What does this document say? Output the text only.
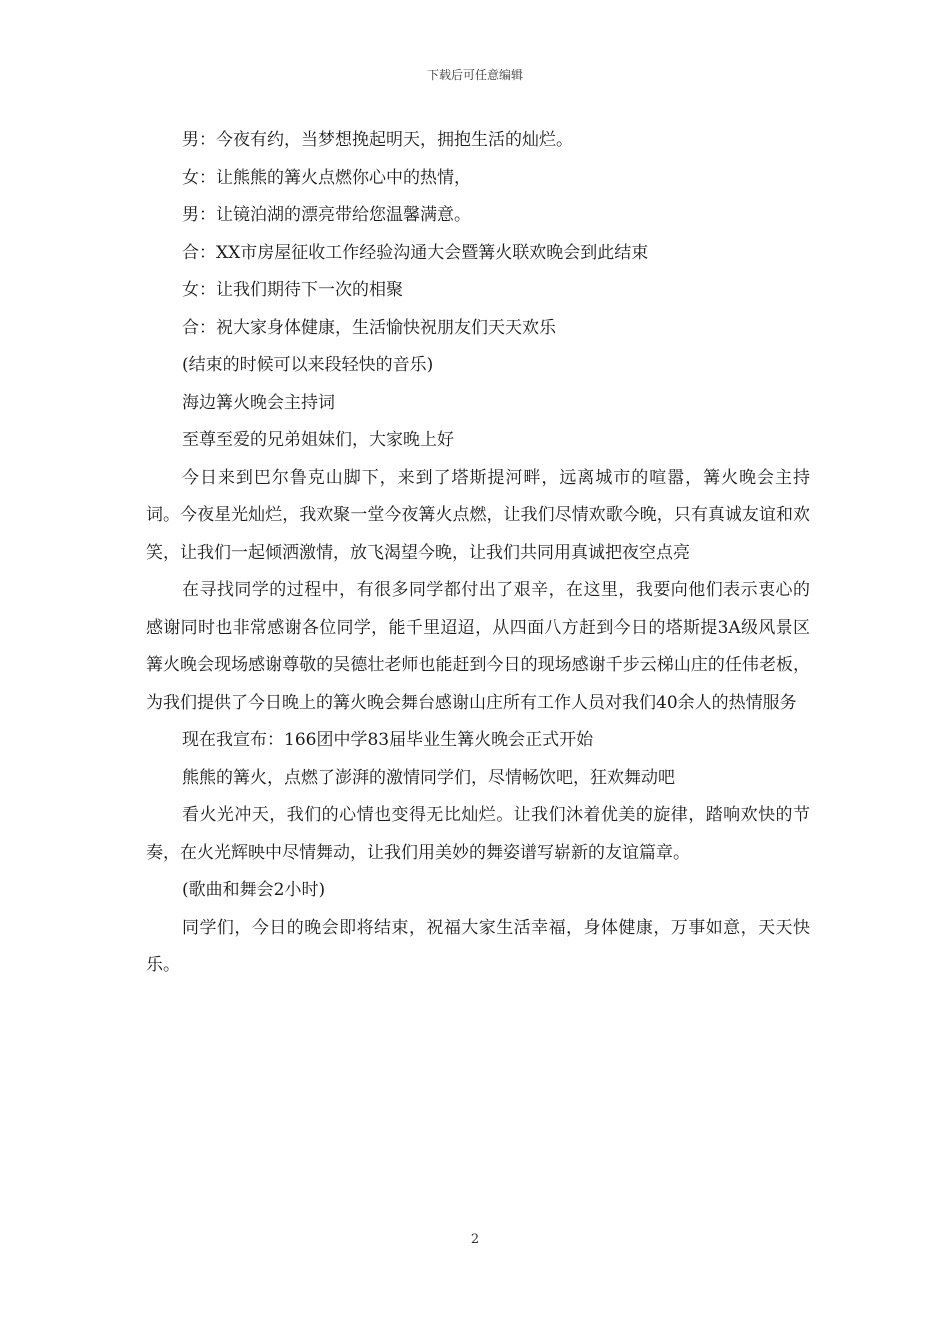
下载后可任意编辑

男：今夜有约，当梦想挽起明天，拥抱生活的灿烂。

女：让熊熊的篝火点燃你心中的热情，

男：让镜泊湖的漂亮带给您温馨满意。

合：XX市房屋征收工作经验沟通大会暨篝火联欢晚会到此结束

女：让我们期待下一次的相聚

合：祝大家身体健康，生活愉快祝朋友们天天欢乐

(结束的时候可以来段轻快的音乐)

海边篝火晚会主持词

至尊至爱的兄弟姐妹们，大家晚上好

今日来到巴尔鲁克山脚下，来到了塔斯提河畔，远离城市的喧嚣，篝火晚会主持词。今夜星光灿烂，我欢聚一堂今夜篝火点燃，让我们尽情欢歌今晚，只有真诚友谊和欢笑，让我们一起倾洒激情，放飞渴望今晚，让我们共同用真诚把夜空点亮

在寻找同学的过程中，有很多同学都付出了艰辛，在这里，我要向他们表示衷心的感谢同时也非常感谢各位同学，能千里迢迢，从四面八方赶到今日的塔斯提3A级风景区篝火晚会现场感谢尊敬的吴德壮老师也能赶到今日的现场感谢千步云梯山庄的任伟老板，为我们提供了今日晚上的篝火晚会舞台感谢山庄所有工作人员对我们40余人的热情服务

现在我宣布：166团中学83届毕业生篝火晚会正式开始

熊熊的篝火，点燃了澎湃的激情同学们，尽情畅饮吧，狂欢舞动吧

看火光冲天，我们的心情也变得无比灿烂。让我们沐着优美的旋律，踏响欢快的节奏，在火光辉映中尽情舞动，让我们用美妙的舞姿谱写崭新的友谊篇章。

(歌曲和舞会2小时)

同学们，今日的晚会即将结束，祝福大家生活幸福，身体健康，万事如意，天天快乐。

2
